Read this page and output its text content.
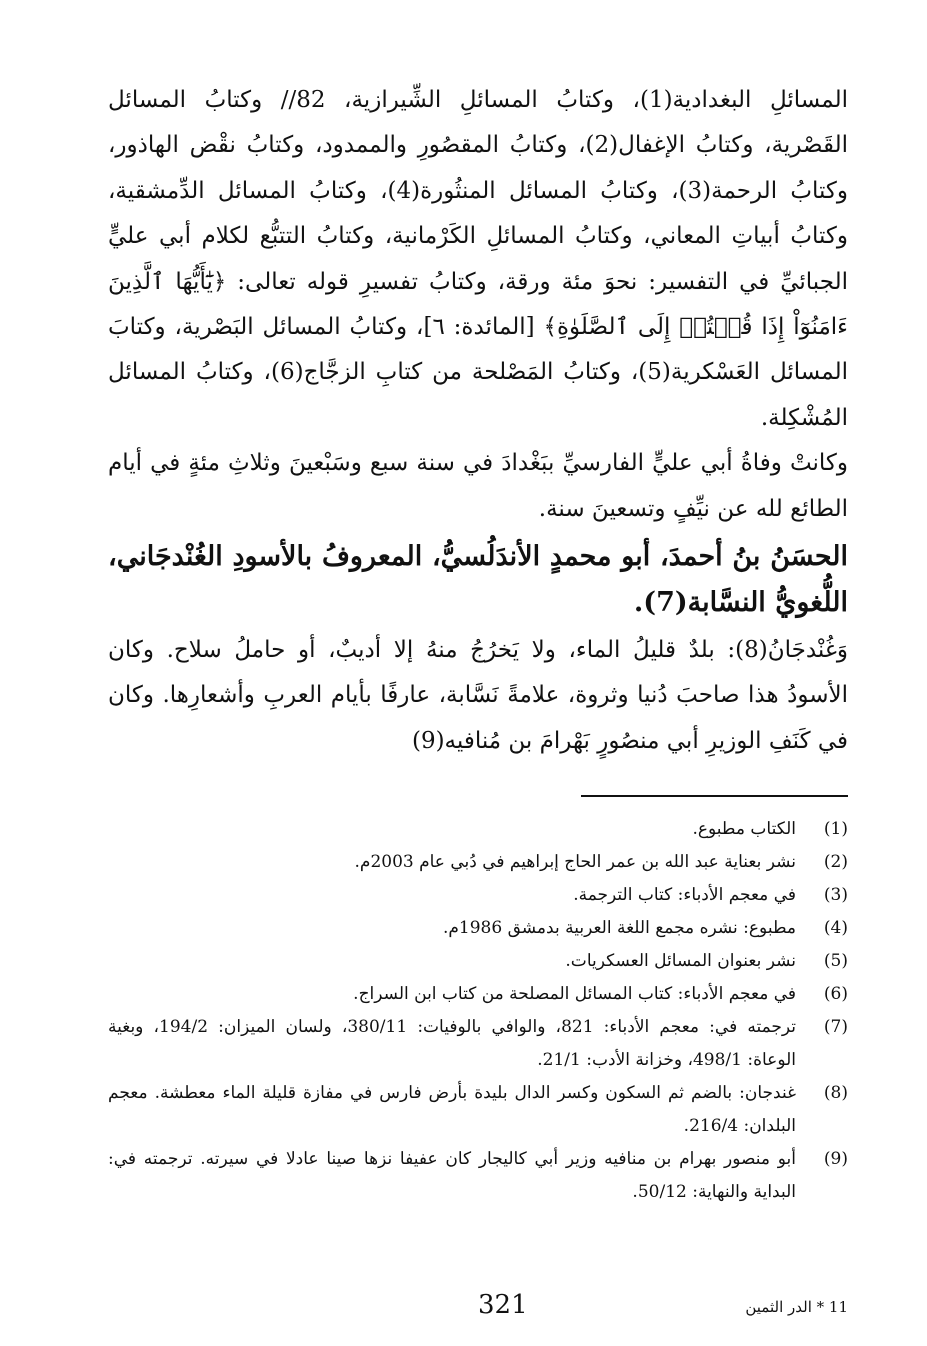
المسائلِ البغدادية(1)، وكتابُ المسائلِ الشِّيرازية، 82// وكتابُ المسائل القَصْرية، وكتابُ الإغفال(2)، وكتابُ المقصُورِ والممدود، وكتابُ نقْض الهاذور، وكتابُ الرحمة(3)، وكتابُ المسائل المنثُورة(4)، وكتابُ المسائل الدِّمشقية، وكتابُ أبياتِ المعاني، وكتابُ المسائلِ الكَرْمانية، وكتابُ التتبُّع لكلام أبي عليٍّ الجبائيِّ في التفسير: نحوَ مئة ورقة، وكتابُ تفسيرِ قوله تعالى: ﴿يَٰٓأَيُّهَا ٱلَّذِينَ ءَامَنُوٓاْ إِذَا قُمۡتُمۡ إِلَى ٱلصَّلَوٰةِ﴾ [المائدة: ٦]، وكتابُ المسائل البَصْرية، وكتابَ المسائل العَسْكرية(5)، وكتابُ المَصْلحة من كتابِ الزجَّاج(6)، وكتابُ المسائل المُشْكِلة.

وكانتْ وفاةُ أبي عليٍّ الفارسيِّ ببَغْدادَ في سنة سبع وسَبْعينَ وثلاثِ مئةٍ في أيام الطائع لله عن نيِّفٍ وتسعينَ سنة.

الحسَنُ بنُ أحمدَ، أبو محمدٍ الأندَلُسيُّ، المعروفُ بالأسودِ الغُنْدجَاني، اللُّغويُّ النسَّابة(7).

وَغُنْدجَانُ(8): بلدٌ قليلُ الماء، ولا يَخرُجُ منهُ إلا أديبٌ، أو حاملُ سلاح. وكان الأسودُ هذا صاحبَ دُنيا وثروة، علامةً نَسَّابة، عارفًا بأيام العربِ وأشعارِها. وكان في كَنَفِ الوزيرِ أبي منصُورٍ بَهْرامَ بن مُنافيه(9)

(1)
الكتاب مطبوع.
(2)
نشر بعناية عبد الله بن عمر الحاج إبراهيم في دُبي عام 2003م.
(3)
في معجم الأدباء: كتاب الترجمة.
(4)
مطبوع: نشره مجمع اللغة العربية بدمشق 1986م.
(5)
نشر بعنوان المسائل العسكريات.
(6)
في معجم الأدباء: كتاب المسائل المصلحة من كتاب ابن السراج.
(7)
ترجمته في: معجم الأدباء: 821، والوافي بالوفيات: 380/11، ولسان الميزان: 194/2، وبغية الوعاة: 498/1، وخزانة الأدب: 21/1.
(8)
غندجان: بالضم ثم السكون وكسر الدال بليدة بأرض فارس في مفازة قليلة الماء معطشة. معجم البلدان: 216/4.
(9)
أبو منصور بهرام بن منافيه وزير أبي كاليجار كان عفيفا نزها صينا عادلا في سيرته. ترجمته في: البداية والنهاية: 50/12.
321	11 * الدر الثمين
